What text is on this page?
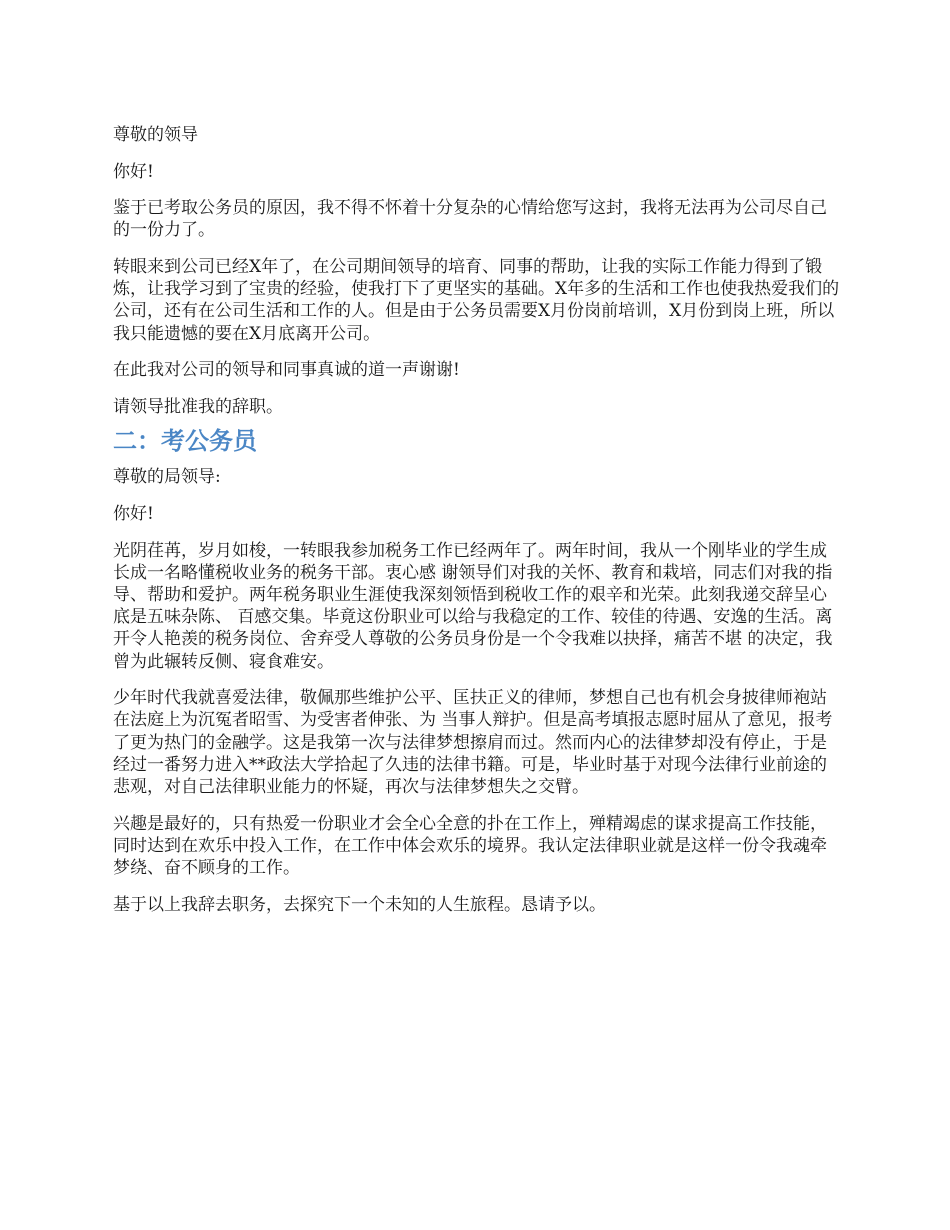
尊敬的领导

你好!

鉴于已考取公务员的原因，我不得不怀着十分复杂的心情给您写这封，我将无法再为公司尽自己的一份力了。

转眼来到公司已经X年了，在公司期间领导的培育、同事的帮助，让我的实际工作能力得到了锻炼，让我学习到了宝贵的经验，使我打下了更坚实的基础。X年多的生活和工作也使我热爱我们的公司，还有在公司生活和工作的人。但是由于公务员需要X月份岗前培训，X月份到岗上班，所以我只能遗憾的要在X月底离开公司。

在此我对公司的领导和同事真诚的道一声谢谢!

请领导批准我的辞职。

二：考公务员

尊敬的局领导:

你好!

光阴荏苒，岁月如梭，一转眼我参加税务工作已经两年了。两年时间，我从一个刚毕业的学生成长成一名略懂税收业务的税务干部。衷心感 谢领导们对我的关怀、教育和栽培，同志们对我的指导、帮助和爱护。两年税务职业生涯使我深刻领悟到税收工作的艰辛和光荣。此刻我递交辞呈心底是五味杂陈、 百感交集。毕竟这份职业可以给与我稳定的工作、较佳的待遇、安逸的生活。离开令人艳羡的税务岗位、舍弃受人尊敬的公务员身份是一个令我难以抉择，痛苦不堪 的决定，我曾为此辗转反侧、寝食难安。

少年时代我就喜爱法律，敬佩那些维护公平、匡扶正义的律师，梦想自己也有机会身披律师袍站在法庭上为沉冤者昭雪、为受害者伸张、为 当事人辩护。但是高考填报志愿时屈从了意见，报考了更为热门的金融学。这是我第一次与法律梦想擦肩而过。然而内心的法律梦却没有停止，于是经过一番努力进入**政法大学拾起了久违的法律书籍。可是，毕业时基于对现今法律行业前途的悲观，对自己法律职业能力的怀疑，再次与法律梦想失之交臂。

兴趣是最好的，只有热爱一份职业才会全心全意的扑在工作上，殚精竭虑的谋求提高工作技能，同时达到在欢乐中投入工作，在工作中体会欢乐的境界。我认定法律职业就是这样一份令我魂牵梦绕、奋不顾身的工作。

基于以上我辞去职务，去探究下一个未知的人生旅程。恳请予以。
